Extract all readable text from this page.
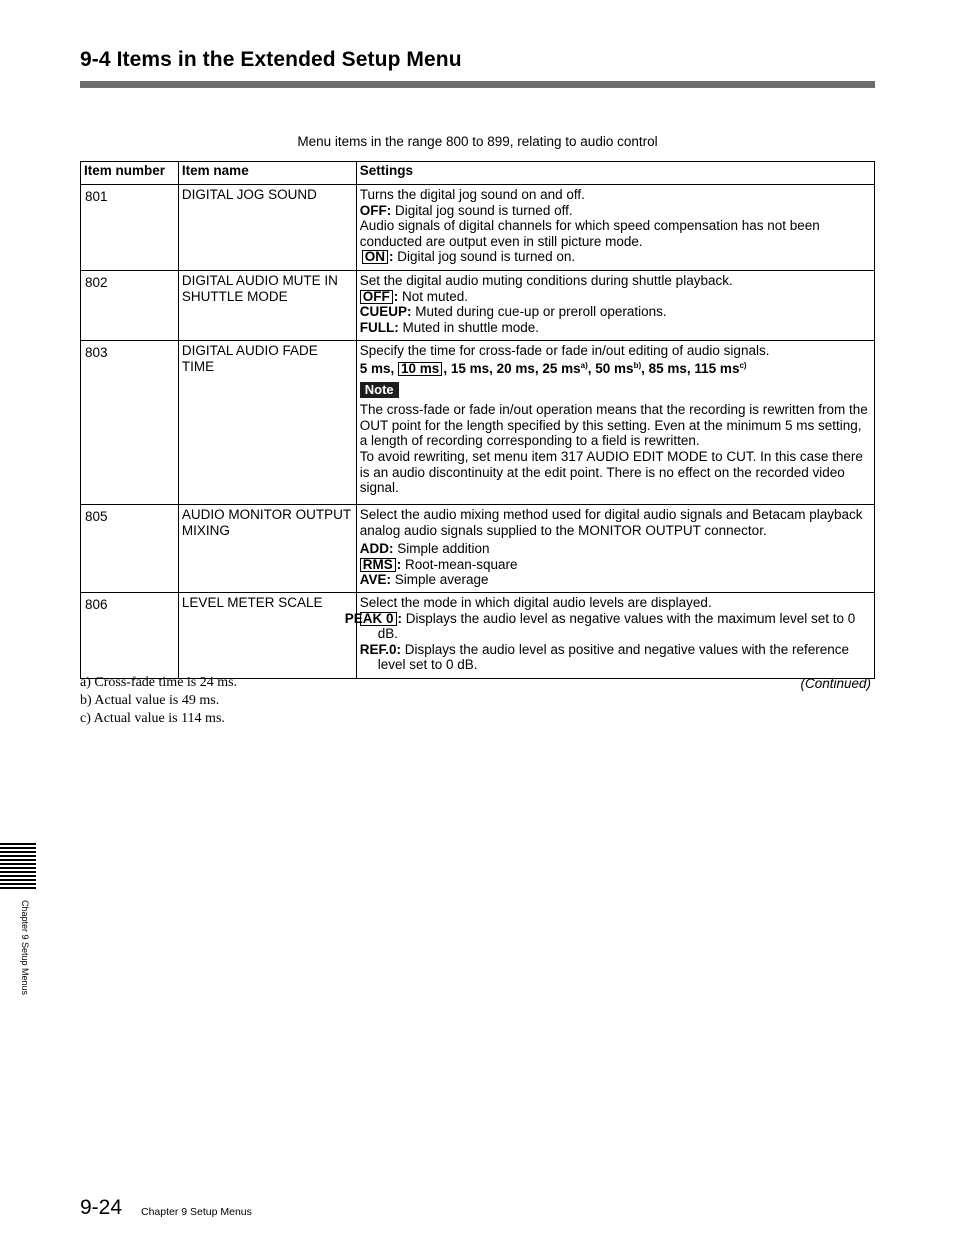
9-4 Items in the Extended Setup Menu
Menu items in the range 800 to 899, relating to audio control
Item number	Item name	Settings
801	DIGITAL JOG SOUND	Turns the digital jog sound on and off.
OFF: Digital jog sound is turned off.
Audio signals of digital channels for which speed compensation has not been conducted are output even in still picture mode.
ON : Digital jog sound is turned on.

802	DIGITAL AUDIO MUTE IN SHUTTLE MODE	Set the digital audio muting conditions during shuttle playback.
OFF : Not muted.
CUEUP: Muted during cue-up or preroll operations.
FULL: Muted in shuttle mode.

803	DIGITAL AUDIO FADE TIME	Specify the time for cross-fade or fade in/out editing of audio signals.
5 ms, 10 ms , 15 ms, 20 ms, 25 $ms^{a)}$, 50 $ms^{b)}$, 85 ms, 115 $ms^{c)}$
Note
The cross-fade or fade in/out operation means that the recording is rewritten from the OUT point for the length specified by this setting. Even at the minimum 5 ms setting, a length of recording corresponding to a field is rewritten.
To avoid rewriting, set menu item 317 AUDIO EDIT MODE to CUT. In this case there is an audio discontinuity at the edit point. There is no effect on the recorded video signal.

805	AUDIO MONITOR OUTPUT MIXING	Select the audio mixing method used for digital audio signals and Betacam playback analog audio signals supplied to the MONITOR OUTPUT connector.
ADD: Simple addition
RMS : Root-mean-square
AVE: Simple average

806	LEVEL METER SCALE	Select the mode in which digital audio levels are displayed.
PEAK 0 : Displays the audio level as negative values with the maximum level set to 0 dB.
REF.0: Displays the audio level as positive and negative values with the reference level set to 0 dB.
a) Cross-fade time is 24 ms.
b) Actual value is 49 ms.
c) Actual value is 114 ms.
(Continued)
Chapter 9 Setup Menus
9-24 Chapter 9 Setup Menus
